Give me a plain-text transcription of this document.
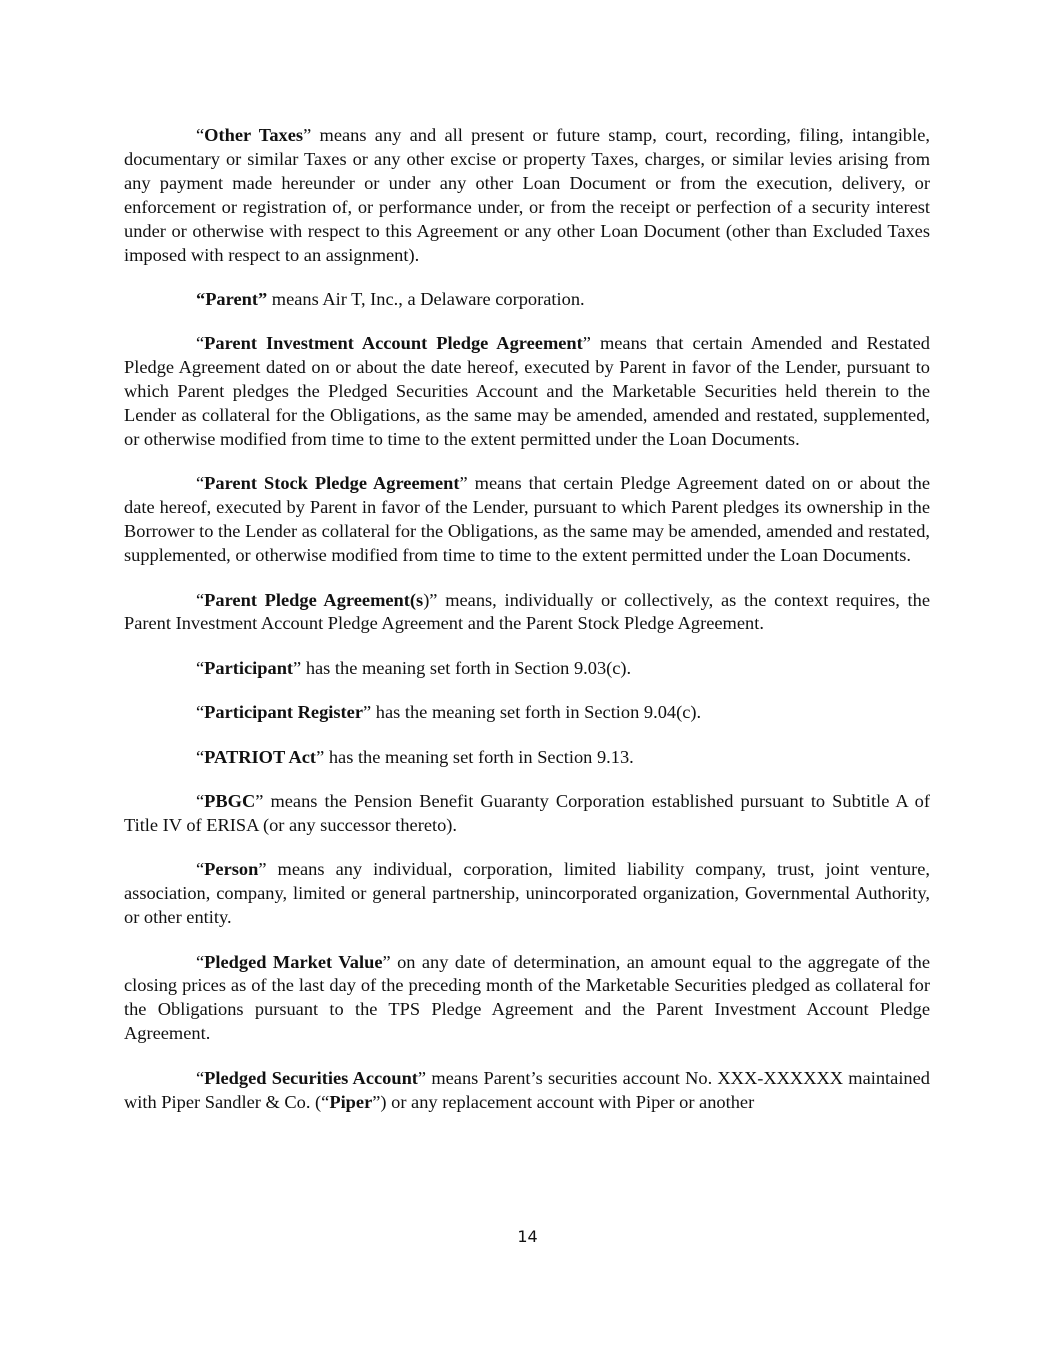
“Other Taxes” means any and all present or future stamp, court, recording, filing, intangible, documentary or similar Taxes or any other excise or property Taxes, charges, or similar levies arising from any payment made hereunder or under any other Loan Document or from the execution, delivery, or enforcement or registration of, or performance under, or from the receipt or perfection of a security interest under or otherwise with respect to this Agreement or any other Loan Document (other than Excluded Taxes imposed with respect to an assignment).

“Parent” means Air T, Inc., a Delaware corporation.

“Parent Investment Account Pledge Agreement” means that certain Amended and Restated Pledge Agreement dated on or about the date hereof, executed by Parent in favor of the Lender, pursuant to which Parent pledges the Pledged Securities Account and the Marketable Securities held therein to the Lender as collateral for the Obligations, as the same may be amended, amended and restated, supplemented, or otherwise modified from time to time to the extent permitted under the Loan Documents.

“Parent Stock Pledge Agreement” means that certain Pledge Agreement dated on or about the date hereof, executed by Parent in favor of the Lender, pursuant to which Parent pledges its ownership in the Borrower to the Lender as collateral for the Obligations, as the same may be amended, amended and restated, supplemented, or otherwise modified from time to time to the extent permitted under the Loan Documents.

“Parent Pledge Agreement(s)” means, individually or collectively, as the context requires, the Parent Investment Account Pledge Agreement and the Parent Stock Pledge Agreement.

“Participant” has the meaning set forth in Section 9.03(c).

“Participant Register” has the meaning set forth in Section 9.04(c).

“PATRIOT Act” has the meaning set forth in Section 9.13.

“PBGC” means the Pension Benefit Guaranty Corporation established pursuant to Subtitle A of Title IV of ERISA (or any successor thereto).

“Person” means any individual, corporation, limited liability company, trust, joint venture, association, company, limited or general partnership, unincorporated organization, Governmental Authority, or other entity.

“Pledged Market Value” on any date of determination, an amount equal to the aggregate of the closing prices as of the last day of the preceding month of the Marketable Securities pledged as collateral for the Obligations pursuant to the TPS Pledge Agreement and the Parent Investment Account Pledge Agreement.

“Pledged Securities Account” means Parent’s securities account No. XXX-XXXXXX maintained with Piper Sandler & Co. (“Piper”) or any replacement account with Piper or another

14
